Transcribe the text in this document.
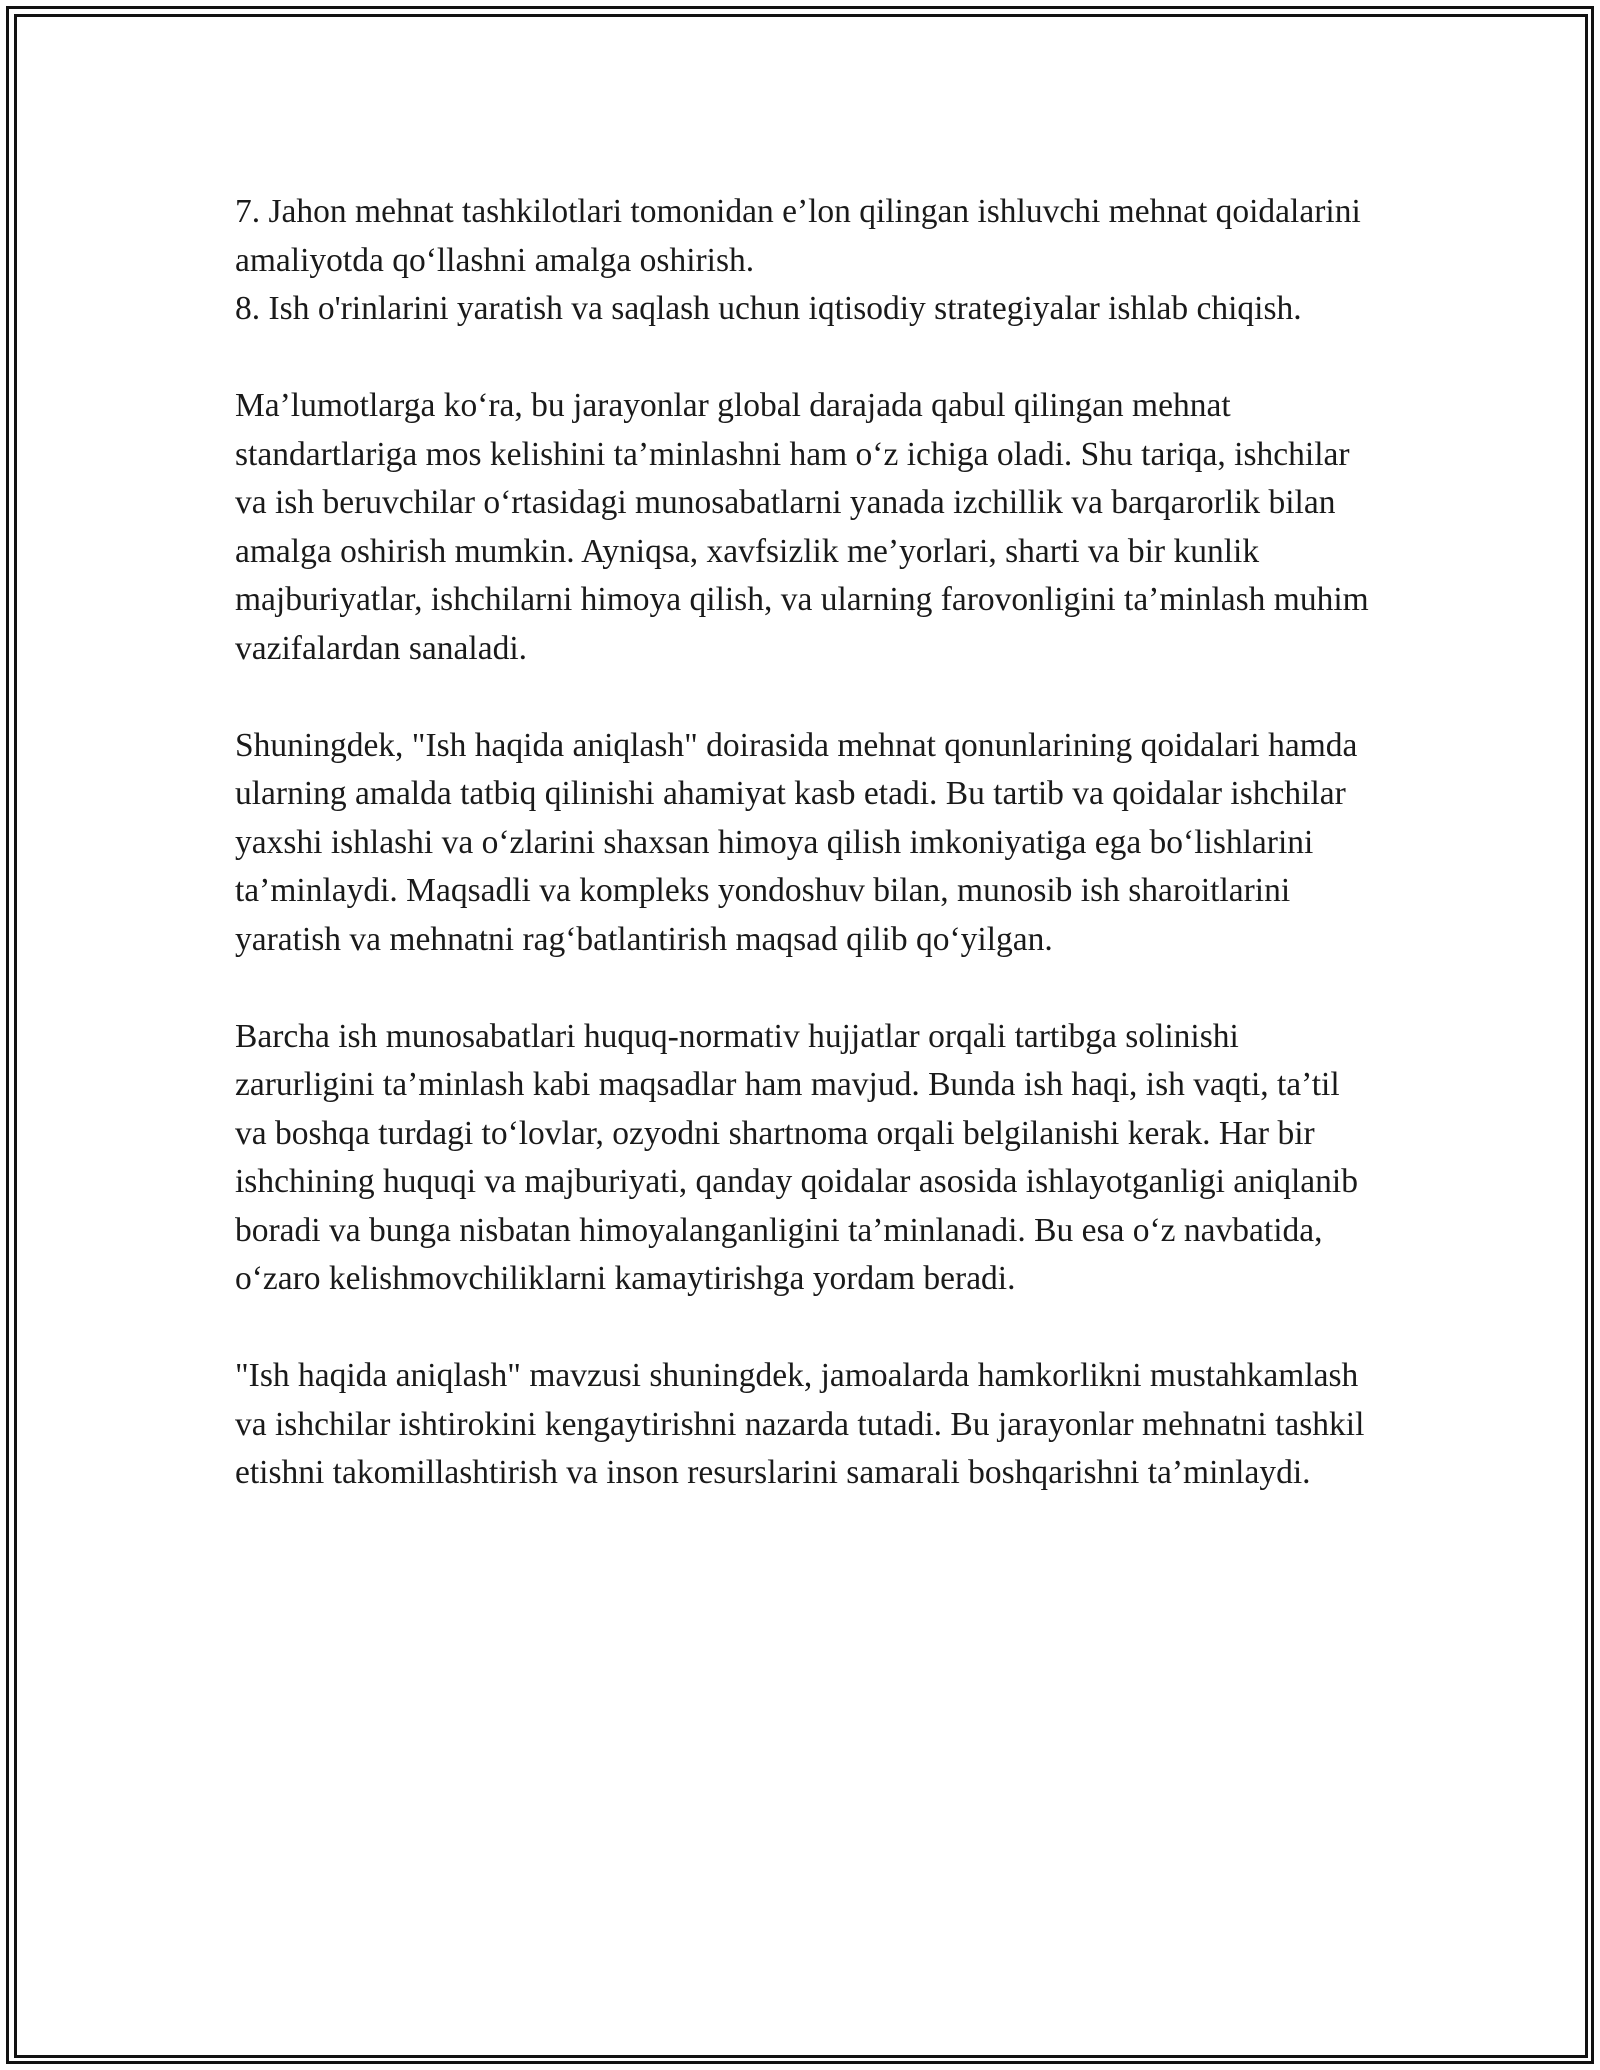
7. Jahon mehnat tashkilotlari tomonidan e’lon qilingan ishluvchi mehnat qoidalarini amaliyotda qo‘llashni amalga oshirish.

8. Ish o'rinlarini yaratish va saqlash uchun iqtisodiy strategiyalar ishlab chiqish.

Ma’lumotlarga ko‘ra, bu jarayonlar global darajada qabul qilingan mehnat standartlariga mos kelishini ta’minlashni ham o‘z ichiga oladi. Shu tariqa, ishchilar va ish beruvchilar o‘rtasidagi munosabatlarni yanada izchillik va barqarorlik bilan amalga oshirish mumkin. Ayniqsa, xavfsizlik me’yorlari, sharti va bir kunlik majburiyatlar, ishchilarni himoya qilish, va ularning farovonligini ta’minlash muhim vazifalardan sanaladi.

Shuningdek, "Ish haqida aniqlash" doirasida mehnat qonunlarining qoidalari hamda ularning amalda tatbiq qilinishi ahamiyat kasb etadi. Bu tartib va qoidalar ishchilar yaxshi ishlashi va o‘zlarini shaxsan himoya qilish imkoniyatiga ega bo‘lishlarini ta’minlaydi. Maqsadli va kompleks yondoshuv bilan, munosib ish sharoitlarini yaratish va mehnatni rag‘batlantirish maqsad qilib qo‘yilgan.

Barcha ish munosabatlari huquq-normativ hujjatlar orqali tartibga solinishi zarurligini ta’minlash kabi maqsadlar ham mavjud. Bunda ish haqi, ish vaqti, ta’til va boshqa turdagi to‘lovlar, ozyodni shartnoma orqali belgilanishi kerak. Har bir ishchining huquqi va majburiyati, qanday qoidalar asosida ishlayotganligi aniqlanib boradi va bunga nisbatan himoyalanganligini ta’minlanadi. Bu esa o‘z navbatida, o‘zaro kelishmovchiliklarni kamaytirishga yordam beradi.

"Ish haqida aniqlash" mavzusi shuningdek, jamoalarda hamkorlikni mustahkamlash va ishchilar ishtirokini kengaytirishni nazarda tutadi. Bu jarayonlar mehnatni tashkil etishni takomillashtirish va inson resurslarini samarali boshqarishni ta’minlaydi.
